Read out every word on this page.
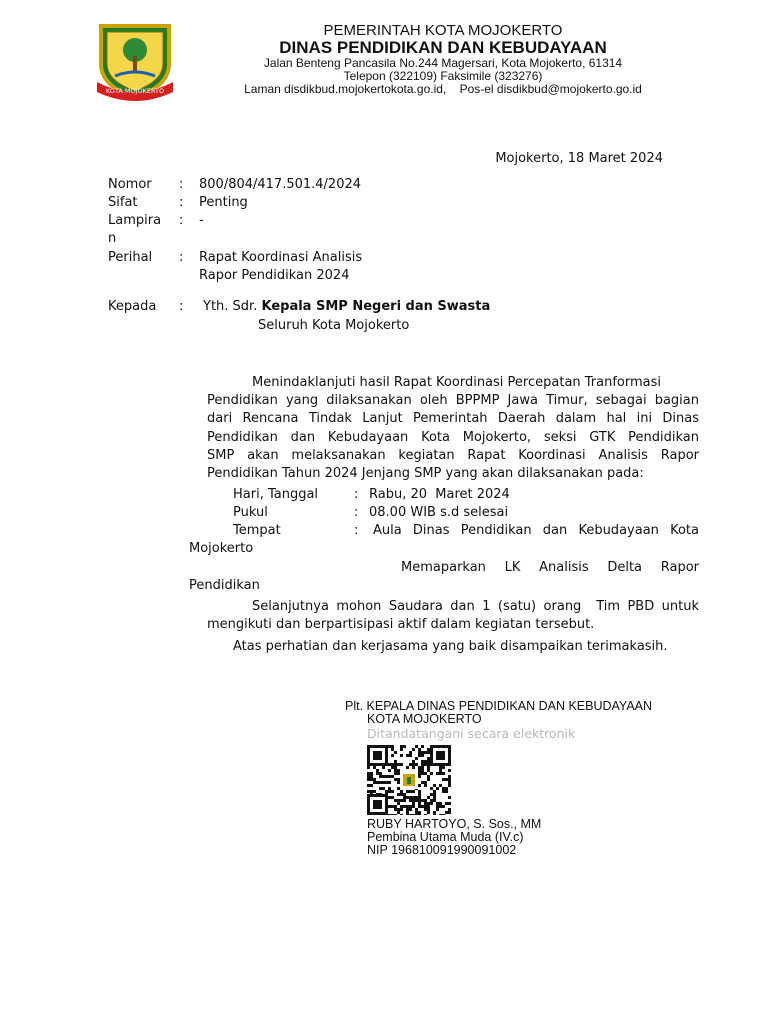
KOTA MOJOKERTO
PEMERINTAH KOTA MOJOKERTO
DINAS PENDIDIKAN DAN KEBUDAYAAN
Jalan Benteng Pancasila No.244 Magersari, Kota Mojokerto, 61314
Telepon (322109) Faksimile (323276)
Laman disdikbud.mojokertokota.go.id,    Pos-el disdikbud@mojokerto.go.id
Mojokerto, 18 Maret 2024
Nomor : 800/804/417.501.4/2024
Sifat	: Penting
Lampira : -
n
Perihal : Rapat Koordinasi Analisis
Rapor Pendidikan 2024
Kepada : Yth. Sdr. Kepala SMP Negeri dan Swasta
Seluruh Kota Mojokerto
Menindaklanjuti hasil Rapat Koordinasi Percepatan Tranformasi
Pendidikan yang dilaksanakan oleh BPPMP Jawa Timur, sebagai bagian
dari Rencana Tindak Lanjut Pemerintah Daerah dalam hal ini Dinas
Pendidikan dan Kebudayaan Kota Mojokerto, seksi GTK Pendidikan
SMP akan melaksanakan kegiatan Rapat Koordinasi Analisis Rapor
Pendidikan Tahun 2024 Jenjang SMP yang akan dilaksanakan pada:
Hari, Tanggal	: Rabu, 20  Maret 2024
Pukul	: 08.00 WIB s.d selesai
Tempat	: Aula Dinas Pendidikan dan Kebudayaan Kota
Mojokerto
Memaparkan LK Analisis Delta Rapor
Pendidikan
Selanjutnya mohon Saudara dan 1 (satu) orang  Tim PBD untuk
mengikuti dan berpartisipasi aktif dalam kegiatan tersebut.
Atas perhatian dan kerjasama yang baik disampaikan terimakasih.
Plt. KEPALA DINAS PENDIDIKAN DAN KEBUDAYAAN
KOTA MOJOKERTO
Ditandatangani secara elektronik
RUBY HARTOYO, S. Sos., MM
Pembina Utama Muda (IV.c)
NIP 196810091990091002
